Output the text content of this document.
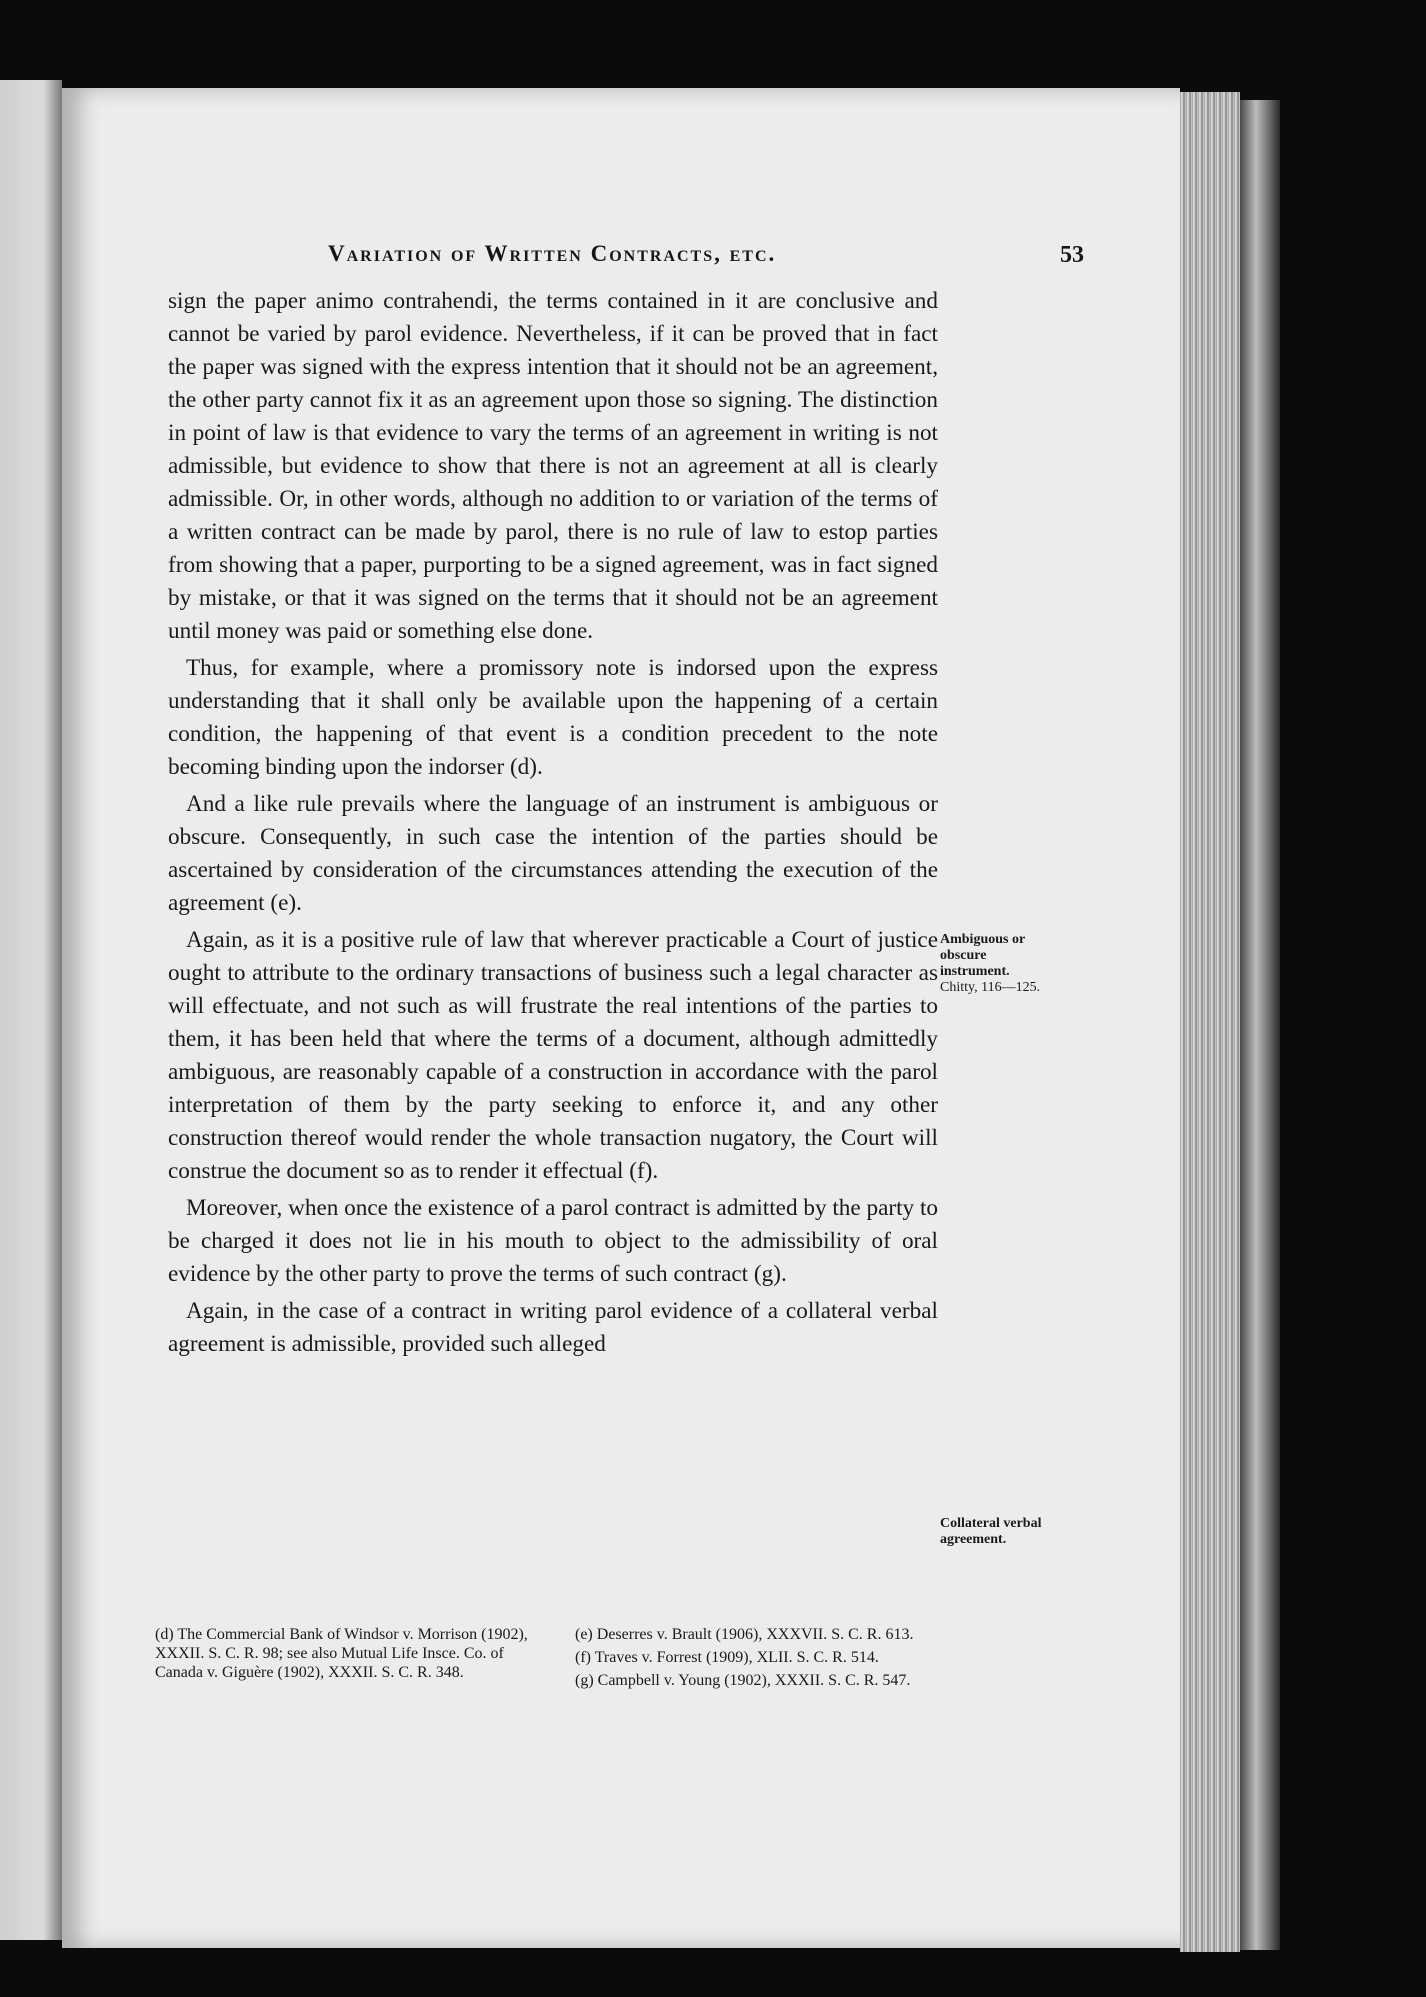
Variation of Written Contracts, etc.	53

sign the paper animo contrahendi, the terms contained in it are conclusive and cannot be varied by parol evidence. Nevertheless, if it can be proved that in fact the paper was signed with the express intention that it should not be an agreement, the other party cannot fix it as an agreement upon those so signing. The distinction in point of law is that evidence to vary the terms of an agreement in writing is not admissible, but evidence to show that there is not an agreement at all is clearly admissible. Or, in other words, although no addition to or variation of the terms of a written contract can be made by parol, there is no rule of law to estop parties from showing that a paper, purporting to be a signed agreement, was in fact signed by mistake, or that it was signed on the terms that it should not be an agreement until money was paid or something else done.

Thus, for example, where a promissory note is indorsed upon the express understanding that it shall only be available upon the happening of a certain condition, the happening of that event is a condition precedent to the note becoming binding upon the indorser (d).

And a like rule prevails where the language of an instrument is ambiguous or obscure. Consequently, in such case the intention of the parties should be ascertained by consideration of the circumstances attending the execution of the agreement (e).

Again, as it is a positive rule of law that wherever practicable a Court of justice ought to attribute to the ordinary transactions of business such a legal character as will effectuate, and not such as will frustrate the real intentions of the parties to them, it has been held that where the terms of a document, although admittedly ambiguous, are reasonably capable of a construction in accordance with the parol interpretation of them by the party seeking to enforce it, and any other construction thereof would render the whole transaction nugatory, the Court will construe the document so as to render it effectual (f).

Moreover, when once the existence of a parol contract is admitted by the party to be charged it does not lie in his mouth to object to the admissibility of oral evidence by the other party to prove the terms of such contract (g).

Again, in the case of a contract in writing parol evidence of a collateral verbal agreement is admissible, provided such alleged

Ambiguous or obscure instrument.
Chitty, 116—125.
Collateral verbal agreement.

(d) The Commercial Bank of Windsor v. Morrison (1902), XXXII. S. C. R. 98; see also Mutual Life Insce. Co. of Canada v. Giguère (1902), XXXII. S. C. R. 348.

(e) Deserres v. Brault (1906), XXXVII. S. C. R. 613.

(f) Traves v. Forrest (1909), XLII. S. C. R. 514.

(g) Campbell v. Young (1902), XXXII. S. C. R. 547.
